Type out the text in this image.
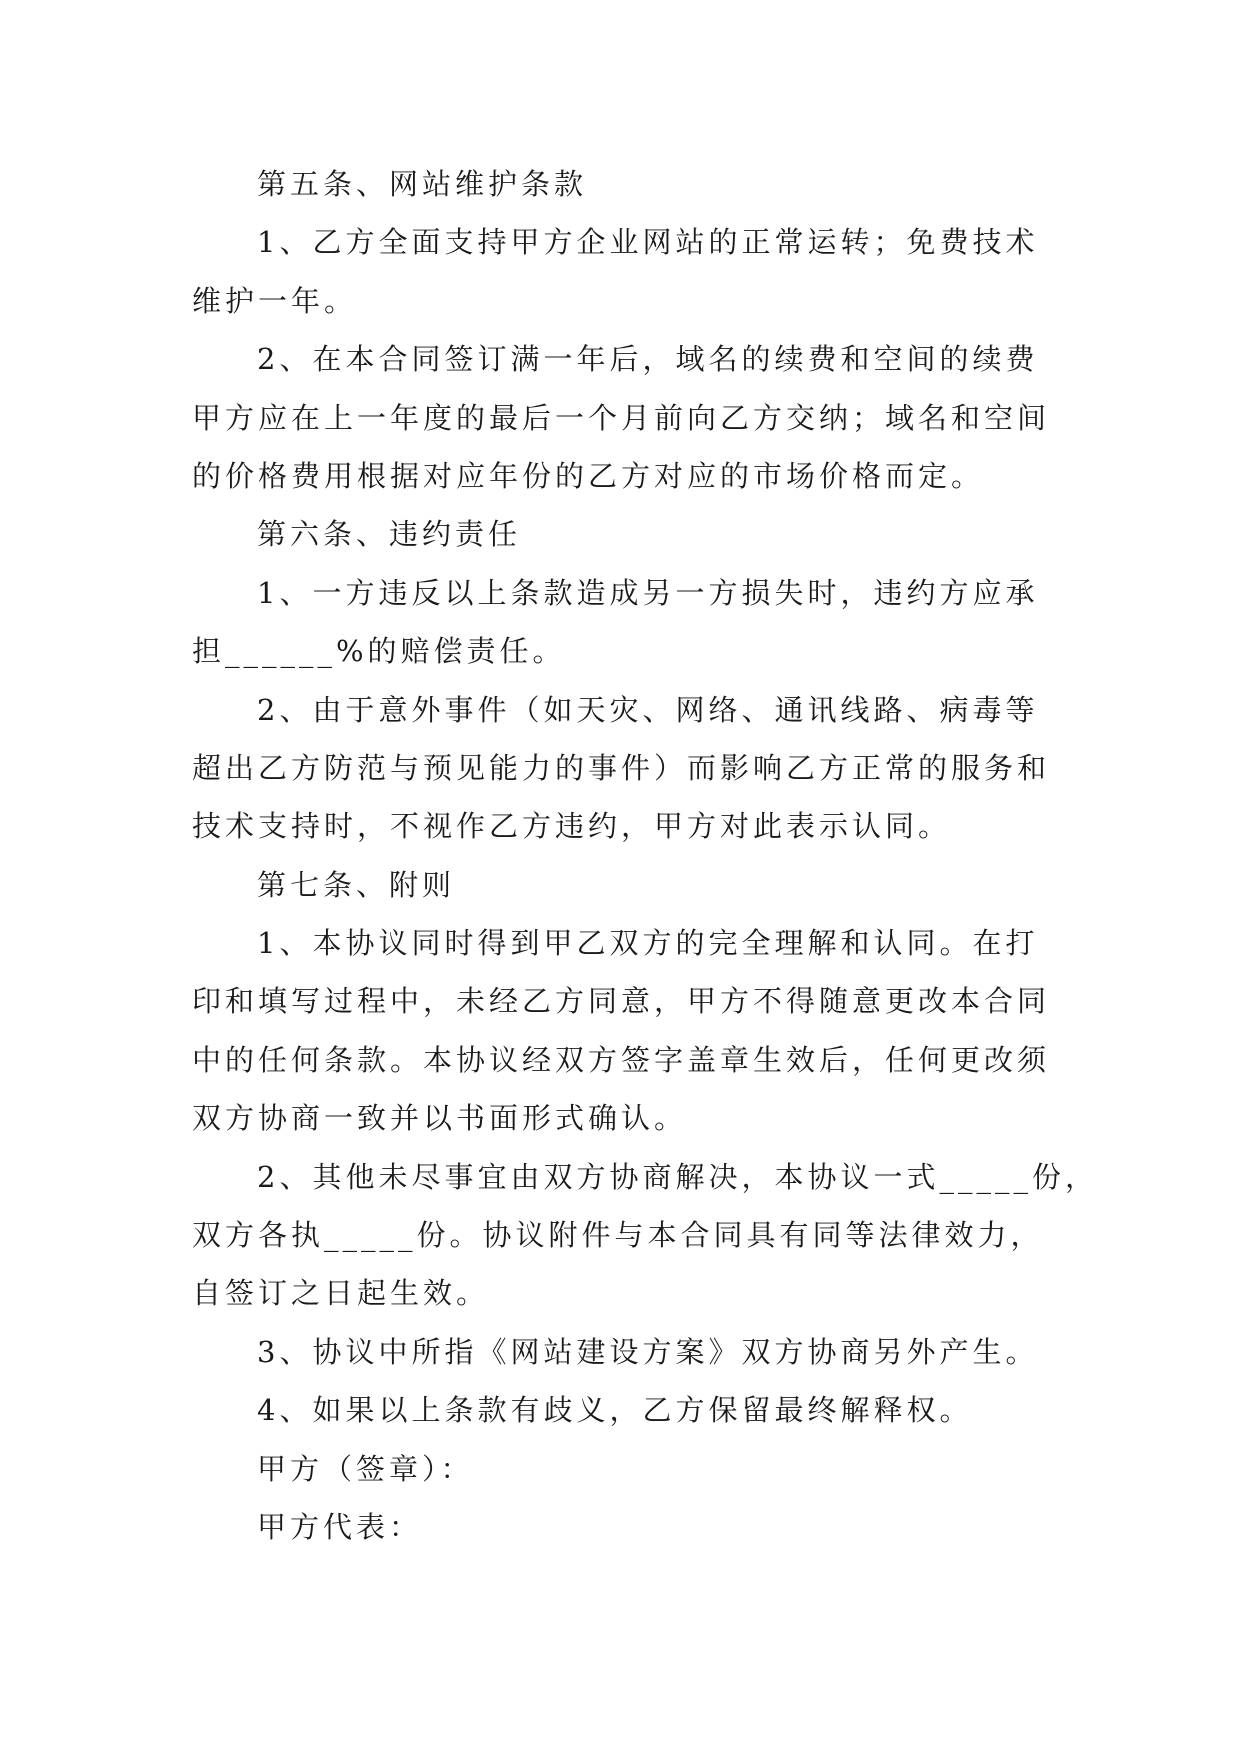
第五条、网站维护条款
1、乙方全面支持甲方企业网站的正常运转；免费技术
维护一年。
2、在本合同签订满一年后，域名的续费和空间的续费
甲方应在上一年度的最后一个月前向乙方交纳；域名和空间
的价格费用根据对应年份的乙方对应的市场价格而定。
第六条、违约责任
1、一方违反以上条款造成另一方损失时，违约方应承
担______%的赔偿责任。
2、由于意外事件（如天灾、网络、通讯线路、病毒等
超出乙方防范与预见能力的事件）而影响乙方正常的服务和
技术支持时，不视作乙方违约，甲方对此表示认同。
第七条、附则
1、本协议同时得到甲乙双方的完全理解和认同。在打
印和填写过程中，未经乙方同意，甲方不得随意更改本合同
中的任何条款。本协议经双方签字盖章生效后，任何更改须
双方协商一致并以书面形式确认。
2、其他未尽事宜由双方协商解决，本协议一式_____份，
双方各执_____份。协议附件与本合同具有同等法律效力，
自签订之日起生效。
3、协议中所指《网站建设方案》双方协商另外产生。
4、如果以上条款有歧义，乙方保留最终解释权。
甲方（签章）：
甲方代表：
